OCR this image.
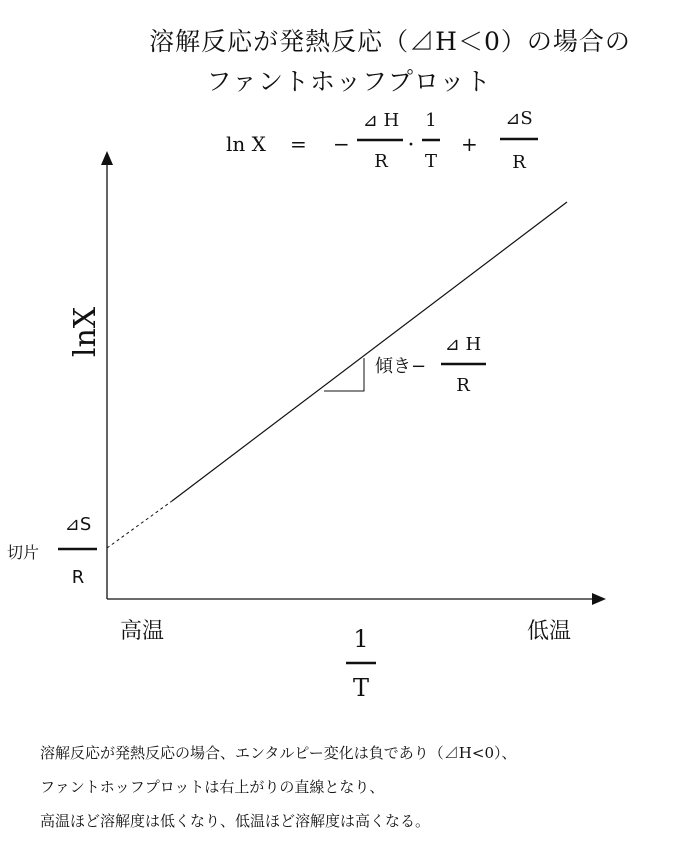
溶解反応が発熱反応（⊿H＜0）の場合の
ファントホッフプロット
ln X = −
⊿ H
R
·
1
T
+
⊿S
R
lnX
傾き−
⊿ H
R
切片
⊿S
R
高温	低温
1
T
溶解反応が発熱反応の場合、エンタルピー変化は負であり（⊿H<0）、
ファントホッフプロットは右上がりの直線となり、
高温ほど溶解度は低くなり、低温ほど溶解度は高くなる。
